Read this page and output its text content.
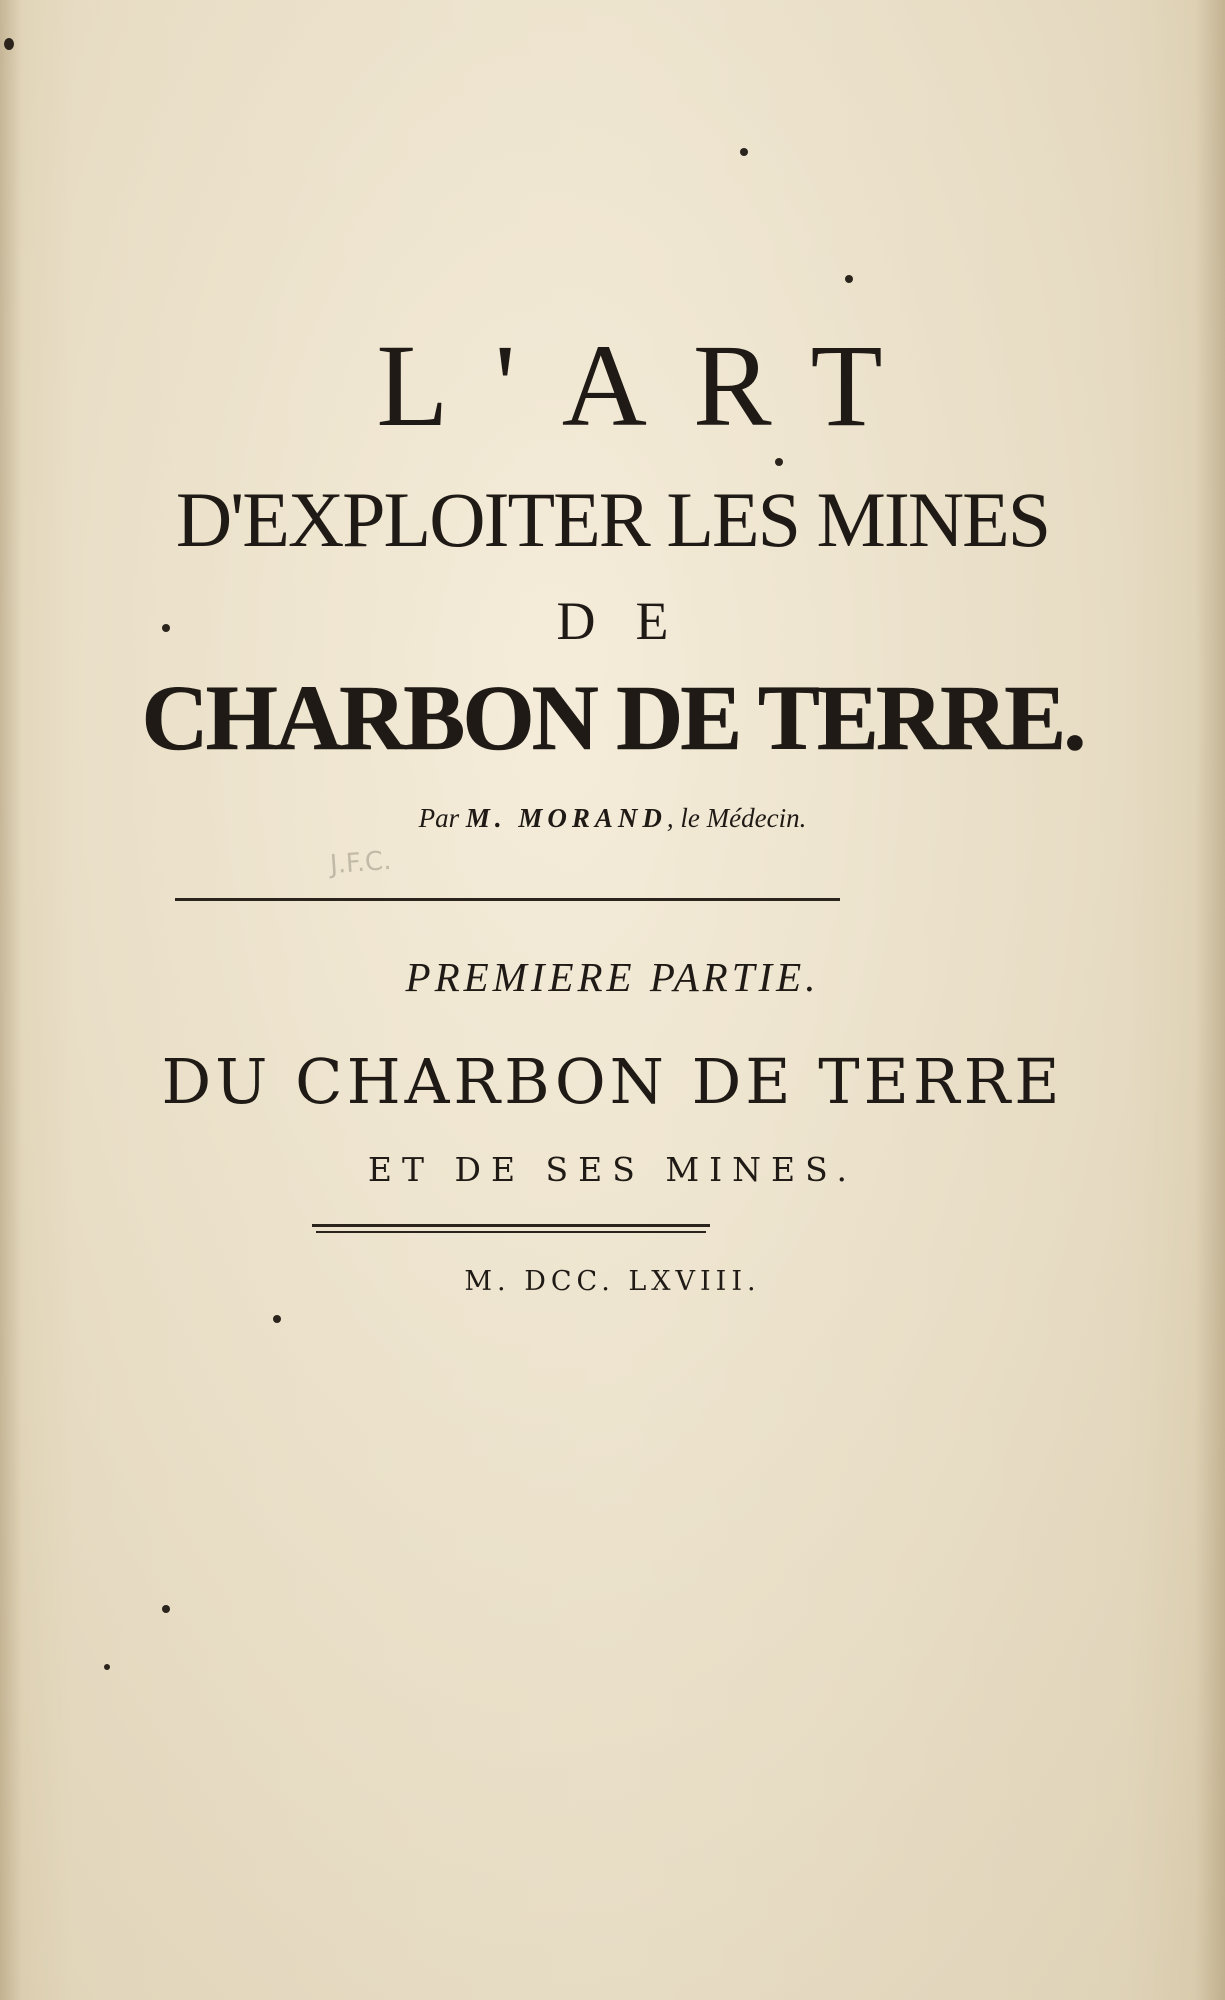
L'ART
D'EXPLOITER LES MINES
DE
CHARBON DE TERRE.
Par M. MORAND, le Médecin.
J.F.C.
PREMIERE PARTIE.
DU CHARBON DE TERRE
ET DE SES MINES.
M. DCC. LXVIII.
